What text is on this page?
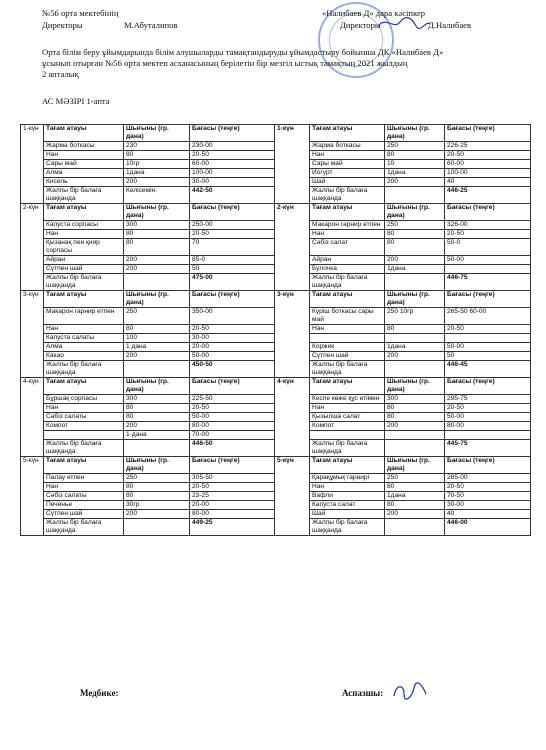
№56 орта мектебінің
Директоры	М.Абуталипов
«Налибаев Д» дара кәсіпкер
Директоры	Д.Налибаев
Орта білім беру ұйымдарында білім алушыларды тамақтандыруды ұйымдастыру бойынша ДК «Налибаев Д»
ұсынып отырған №56 орта мектеп асханасының берілетін бір мезгіл ыстық тамақтың 2021 жылдың
2 апталық
АС МӘЗІРІ 1-апта
1-күн	Тағам атауы	Шығыны (гр. дана)	Бағасы (теңге)	1-күн	Тағам атауы	Шығыны (гр. дана)	Бағасы (теңге)
	Жарма боткасы	230	230-00		Жарма боткасы	250	226-25
	Нан	80	20-50		Нан	80	20-50
	Сары май	10гр	60-00		Сары май	10	60-00
	Алма	1дана	100-00		Йогурт	1дана	100-00
	Кисель	200	30-00		Шай	200	40
	Жалпы бір балаға шаққанда	Келісемін:	442-50		Жалпы бір балаға шаққанда		446-25
2-күн	Тағам атауы	Шығыны (гр. дана)	Бағасы (теңге)	2-күн	Тағам атауы	Шығыны (гр. дана)	Бағасы (теңге)
	Капуста сорпасы	300	250-00		Макарон гарнир етпен	250	326-00
	Нан	80	20-50		Нан	80	20-50
	Қызанақ пен қияр сорпасы	80	70		Сәбіз салат	80	50-0
	Айран	200	85-0		Айран	200	50-00
	Сүтпен шай	200	50		Булочка	1дана	
	Жалпы бір балаға шаққанда		475-00		Жалпы бір балаға шаққанда		446-75
3-күн	Тағам атауы	Шығыны (гр. дана)	Бағасы (теңге)	3-күн	Тағам атауы	Шығыны (гр. дана)	Бағасы (теңге)
	Макарон гарнир етпен	250	350-00		Күріш боткасы сары май	250 10гр	265-50 60-00
	Нан	80	20-50		Нан	80	20-50
	Капуста салаты	100	30-00				
	Алма	1 дана	20-00		Коржик	1дана	50-00
	Какао	200	50-00		Сүтпен шай	200	50
	Жалпы бір балаға шаққанда		450-50		Жалпы бір балаға шаққанда		446-45
4-күн	Тағам атауы	Шығыны (гр. дана)	Бағасы (теңге)	4-күн	Тағам атауы	Шығыны (гр. дана)	Бағасы (теңге)
	Бұршақ сорпасы	300	225-50		Кеспе көже құс етімен	300	295-75
	Нан	80	20-50		Нан	80	20-50
	Сәбіз салаты	80	50-00		Қызылша салат	80	50-00
	Компот	200	80-00		Компот	200	80-00
		1-дана	70-00				
	Жалпы бір балаға шаққанда		446-50		Жалпы бір балаға шаққанда		445-75
5-күн	Тағам атауы	Шығыны (гр. дана)	Бағасы (теңге)	5-күн	Тағам атауы	Шығыны (гр. дана)	Бағасы (теңге)
	Палау етпен	250	305-50		Қарақұмық гарнирі	250	285-00
	Нан	80	20-50		Нан	80	20-50
	Сәбіз салаты	80	23-25		Вафли	1дана	70-50
	Печенье	30гр	20-00		Капуста салат	80	30-00
	Сүтпен шай	200	80-00		Шай	200	40
	Жалпы бір балаға шаққанда		449-25		Жалпы бір балаға шаққанда		446-00
Медбике:	Аспазшы:
